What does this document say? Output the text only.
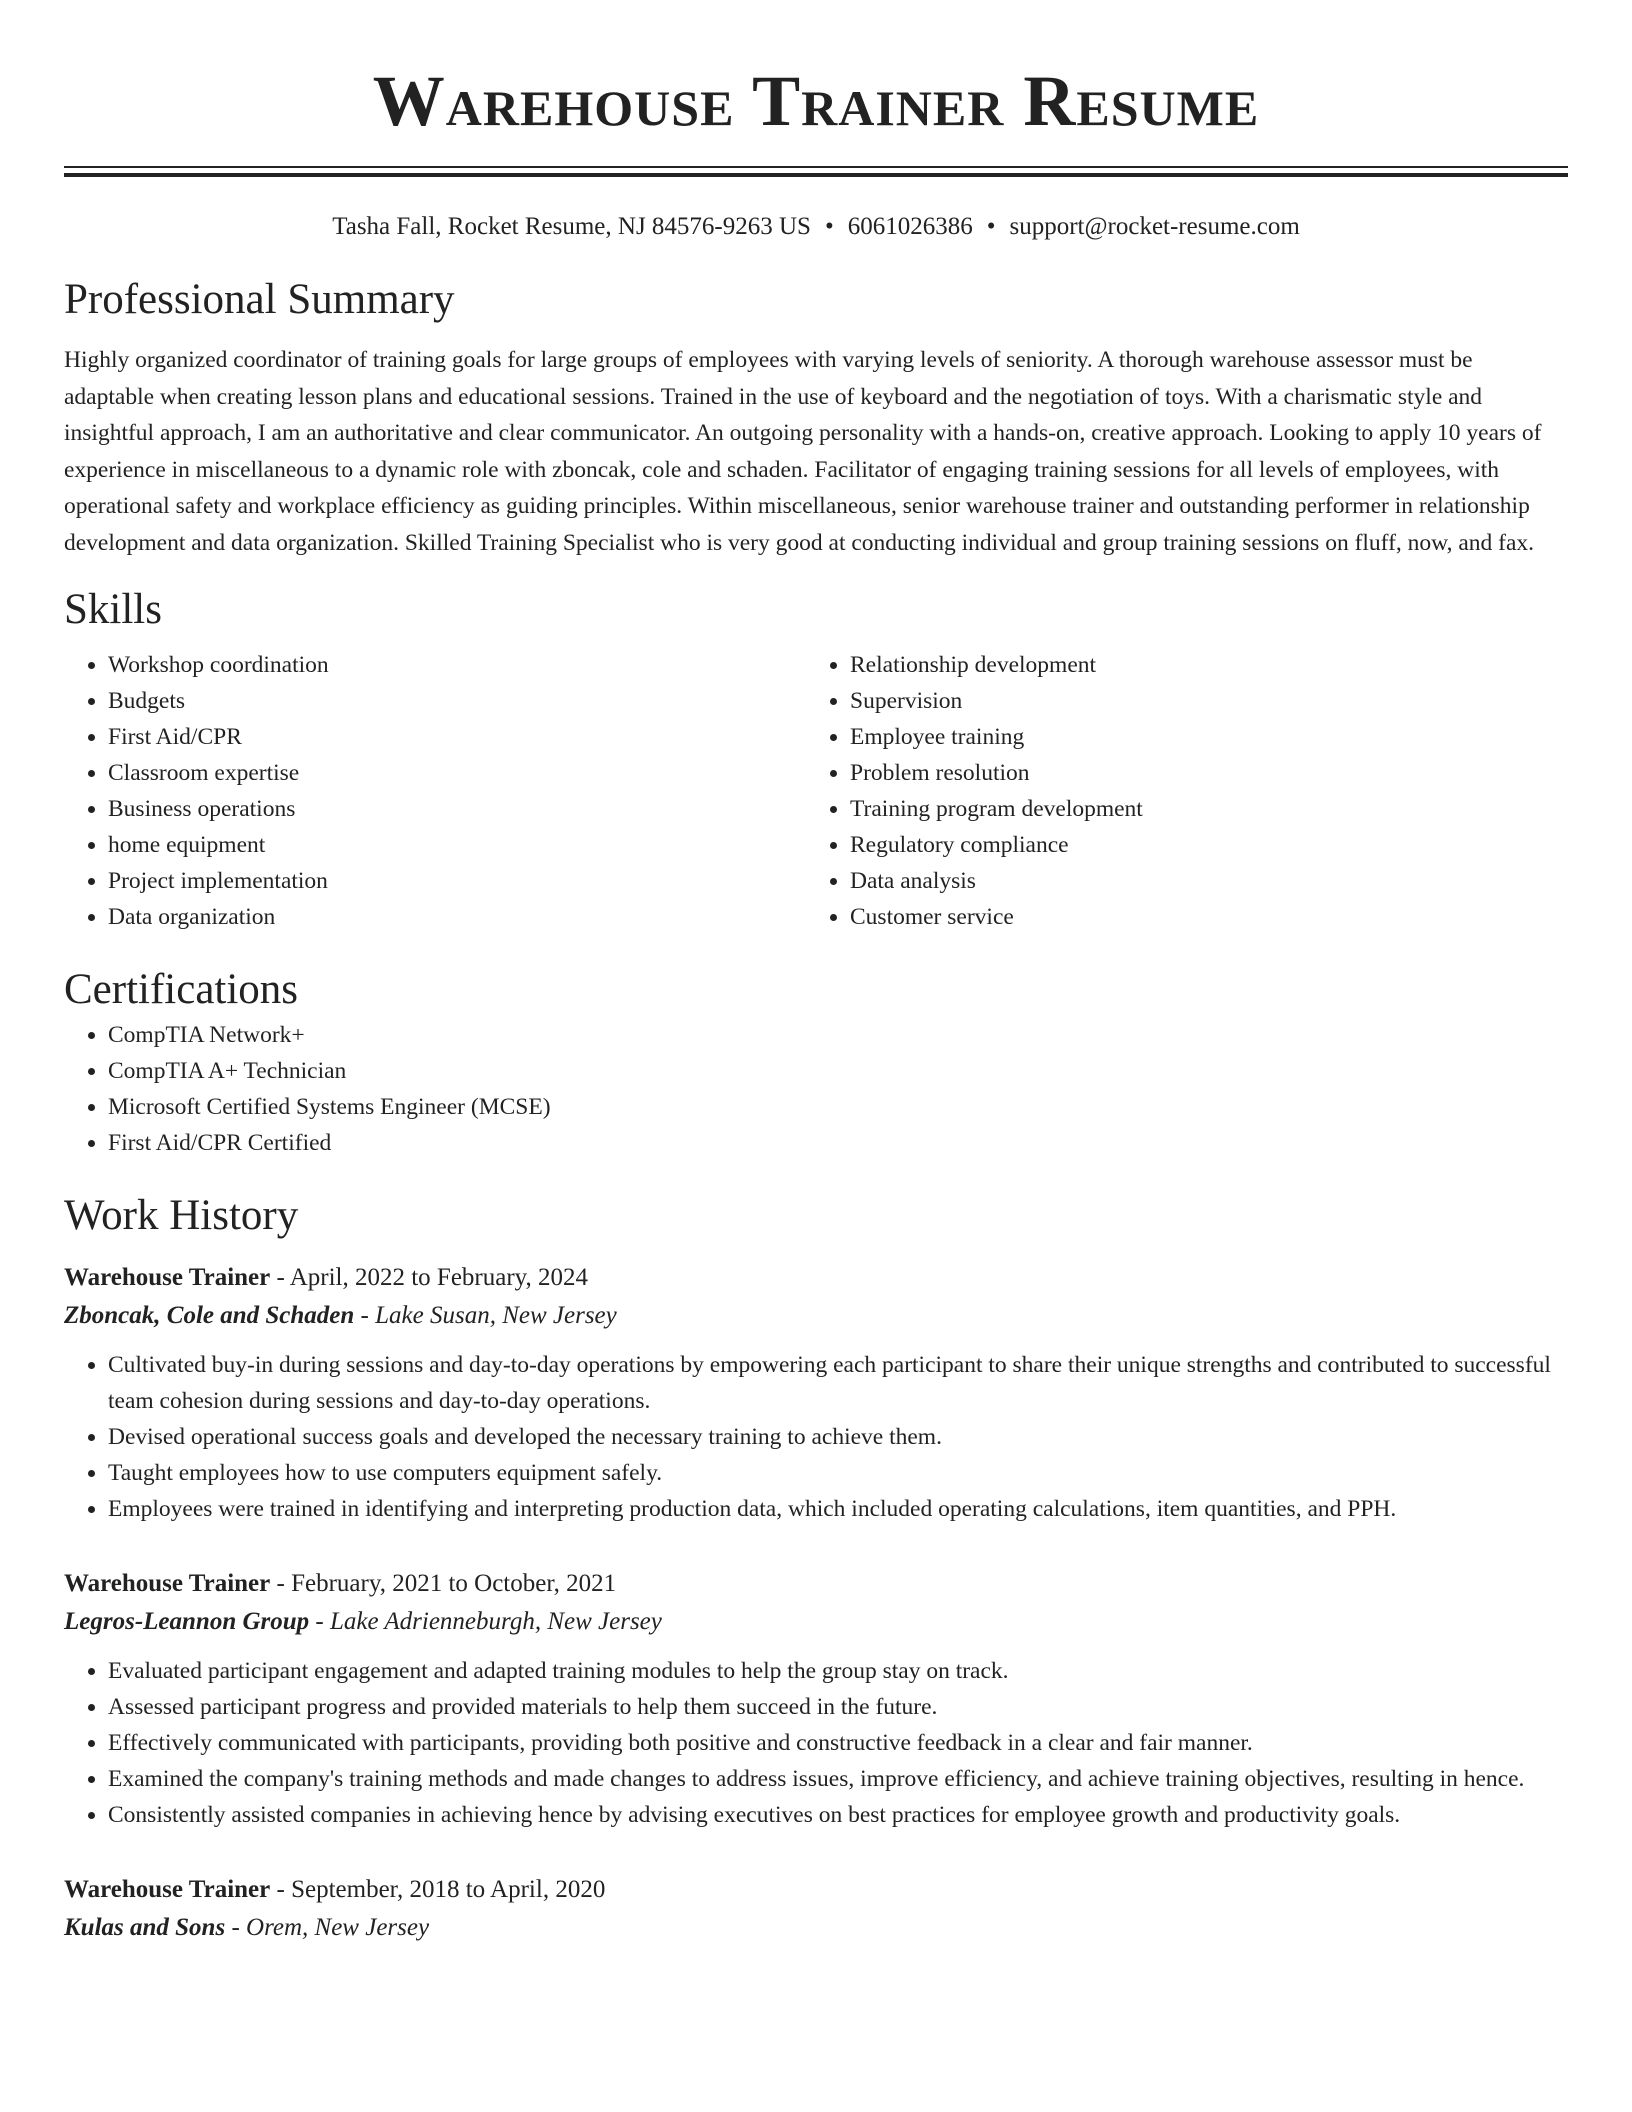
Warehouse Trainer Resume
Tasha Fall, Rocket Resume, NJ 84576-9263 US • 6061026386 • support@rocket-resume.com
Professional Summary

Highly organized coordinator of training goals for large groups of employees with varying levels of seniority. A thorough warehouse assessor must be adaptable when creating lesson plans and educational sessions. Trained in the use of keyboard and the negotiation of toys. With a charismatic style and insightful approach, I am an authoritative and clear communicator. An outgoing personality with a hands-on, creative approach. Looking to apply 10 years of experience in miscellaneous to a dynamic role with zboncak, cole and schaden. Facilitator of engaging training sessions for all levels of employees, with operational safety and workplace efficiency as guiding principles. Within miscellaneous, senior warehouse trainer and outstanding performer in relationship development and data organization. Skilled Training Specialist who is very good at conducting individual and group training sessions on fluff, now, and fax.

Skills
• Workshop coordination
• Budgets
• First Aid/CPR
• Classroom expertise
• Business operations
• home equipment
• Project implementation
• Data organization
• Relationship development
• Supervision
• Employee training
• Problem resolution
• Training program development
• Regulatory compliance
• Data analysis
• Customer service
Certifications
• CompTIA Network+
• CompTIA A+ Technician
• Microsoft Certified Systems Engineer (MCSE)
• First Aid/CPR Certified
Work History
Warehouse Trainer - April, 2022 to February, 2024
Zboncak, Cole and Schaden - Lake Susan, New Jersey
• Cultivated buy-in during sessions and day-to-day operations by empowering each participant to share their unique strengths and contributed to successful team cohesion during sessions and day-to-day operations.
• Devised operational success goals and developed the necessary training to achieve them.
• Taught employees how to use computers equipment safely.
• Employees were trained in identifying and interpreting production data, which included operating calculations, item quantities, and PPH.
Warehouse Trainer - February, 2021 to October, 2021
Legros-Leannon Group - Lake Adrienneburgh, New Jersey
• Evaluated participant engagement and adapted training modules to help the group stay on track.
• Assessed participant progress and provided materials to help them succeed in the future.
• Effectively communicated with participants, providing both positive and constructive feedback in a clear and fair manner.
• Examined the company's training methods and made changes to address issues, improve efficiency, and achieve training objectives, resulting in hence.
• Consistently assisted companies in achieving hence by advising executives on best practices for employee growth and productivity goals.
Warehouse Trainer - September, 2018 to April, 2020
Kulas and Sons - Orem, New Jersey
